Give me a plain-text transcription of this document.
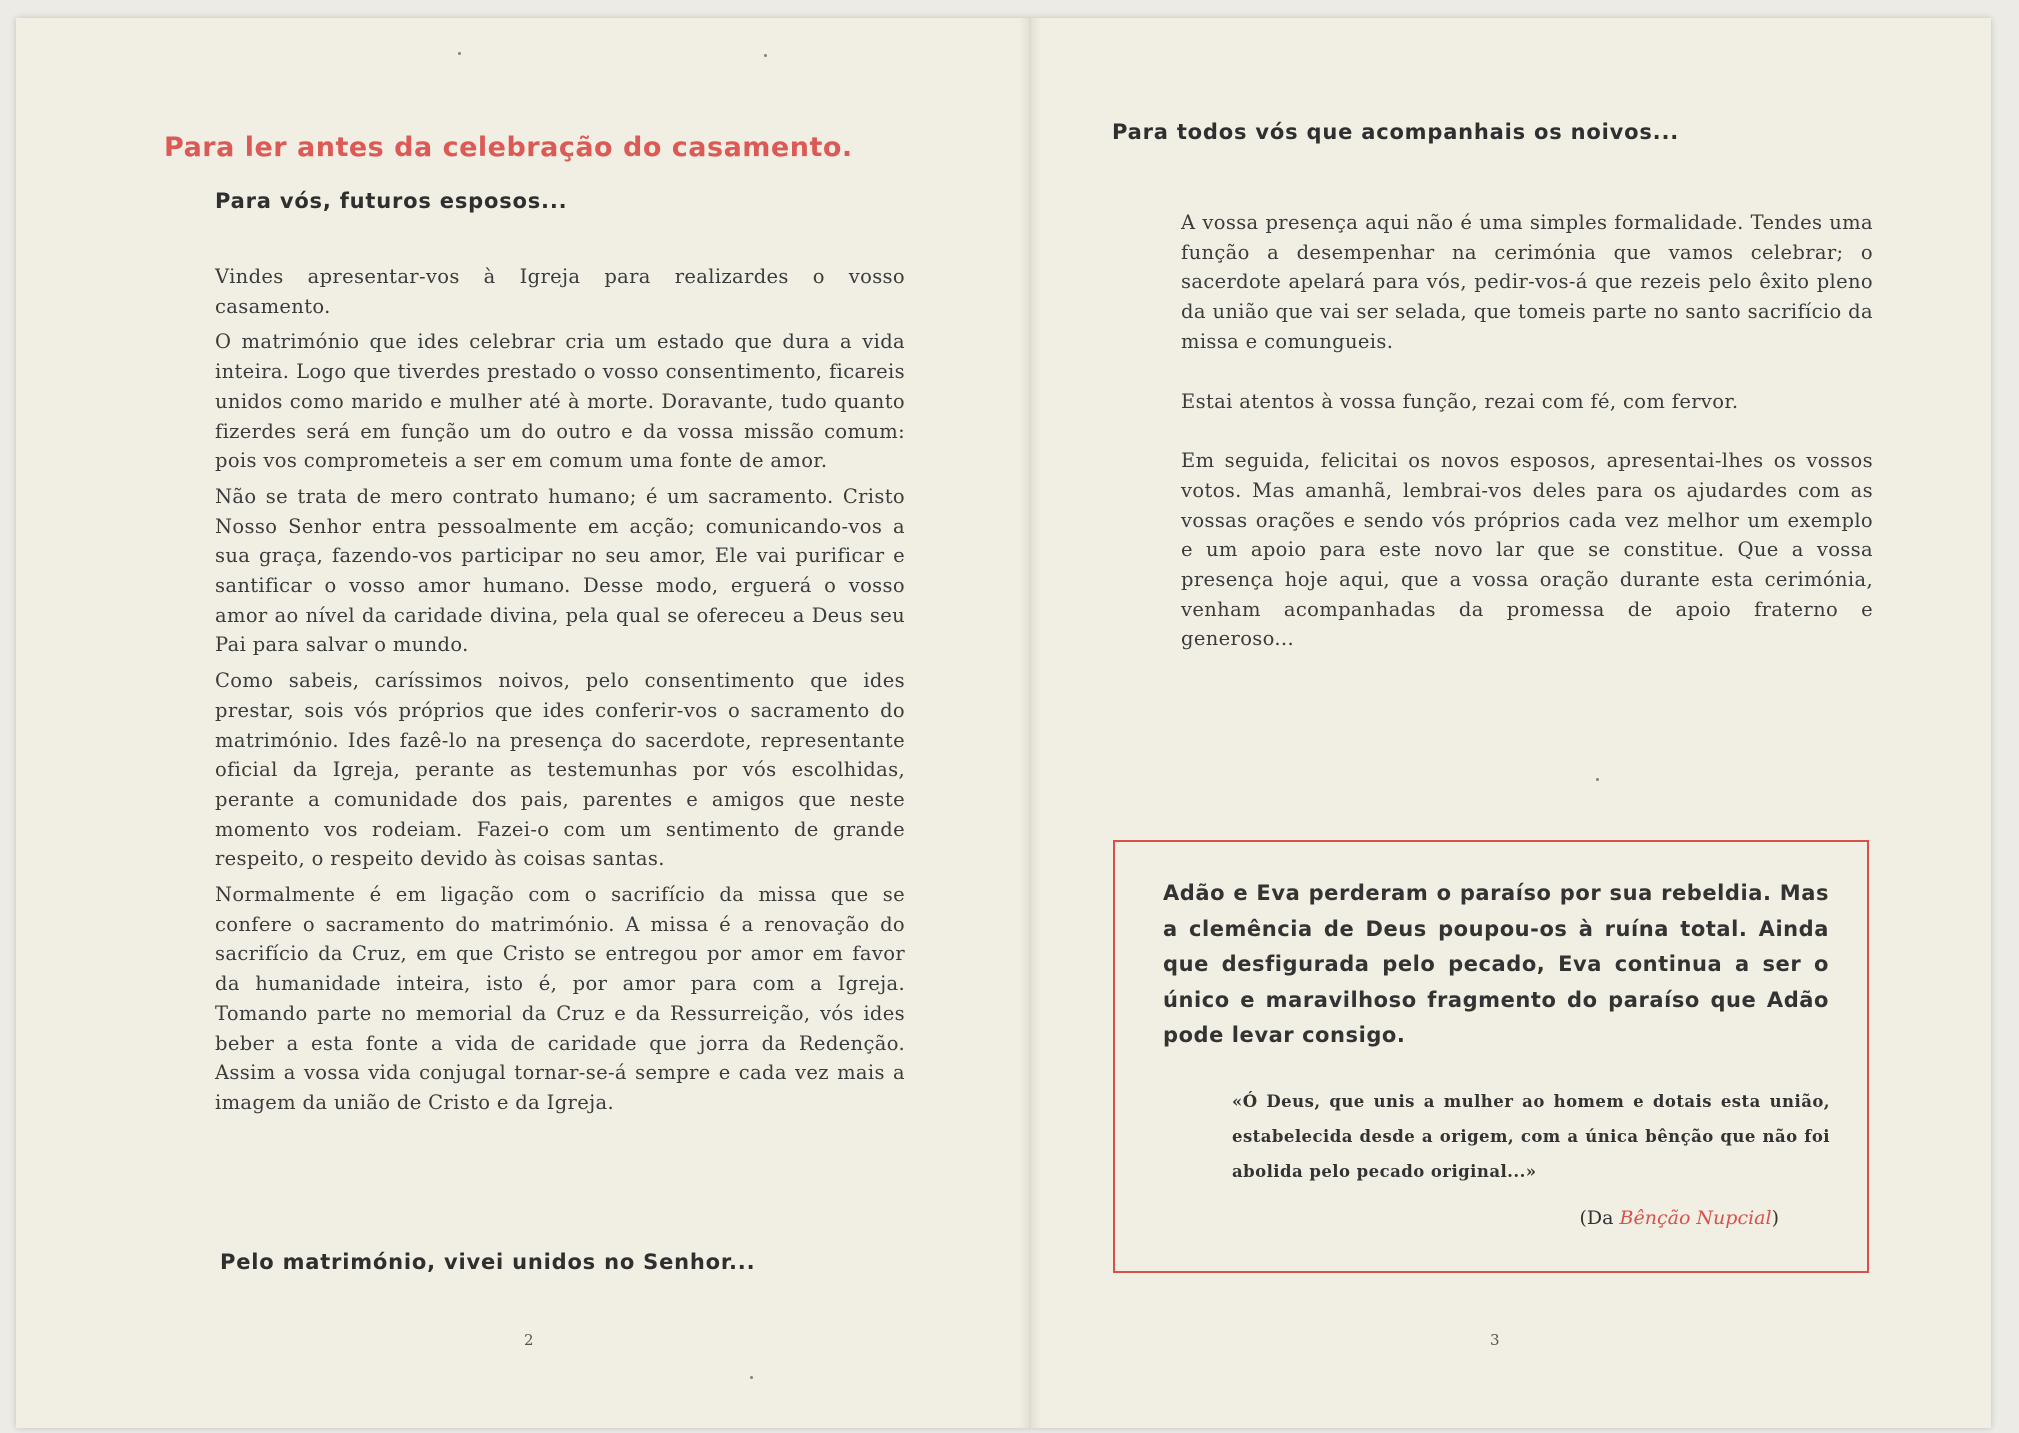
Para ler antes da celebração do casamento.
Para vós, futuros esposos...

Vindes apresentar-vos à Igreja para realizardes o vosso casamento.

O matrimónio que ides celebrar cria um estado que dura a vida inteira. Logo que tiverdes prestado o vosso consentimento, ficareis unidos como marido e mulher até à morte. Doravante, tudo quanto fizerdes será em função um do outro e da vossa missão comum: pois vos comprometeis a ser em comum uma fonte de amor.

Não se trata de mero contrato humano; é um sacramento. Cristo Nosso Senhor entra pessoalmente em acção; comunicando-vos a sua graça, fazendo-vos participar no seu amor, Ele vai purificar e santificar o vosso amor humano. Desse modo, erguerá o vosso amor ao nível da caridade divina, pela qual se ofereceu a Deus seu Pai para salvar o mundo.

Como sabeis, caríssimos noivos, pelo consentimento que ides prestar, sois vós próprios que ides conferir-vos o sacramento do matrimónio. Ides fazê-lo na presença do sacerdote, representante oficial da Igreja, perante as testemunhas por vós escolhidas, perante a comunidade dos pais, parentes e amigos que neste momento vos rodeiam. Fazei-o com um sentimento de grande respeito, o respeito devido às coisas santas.

Normalmente é em ligação com o sacrifício da missa que se confere o sacramento do matrimónio. A missa é a renovação do sacrifício da Cruz, em que Cristo se entregou por amor em favor da humanidade inteira, isto é, por amor para com a Igreja. Tomando parte no memorial da Cruz e da Ressurreição, vós ides beber a esta fonte a vida de caridade que jorra da Redenção. Assim a vossa vida conjugal tornar-se-á sempre e cada vez mais a imagem da união de Cristo e da Igreja.

Pelo matrimónio, vivei unidos no Senhor...
2
Para todos vós que acompanhais os noivos...

A vossa presença aqui não é uma simples formalidade. Tendes uma função a desempenhar na cerimónia que vamos celebrar; o sacerdote apelará para vós, pedir-vos-á que rezeis pelo êxito pleno da união que vai ser selada, que tomeis parte no santo sacrifício da missa e comungueis.

Estai atentos à vossa função, rezai com fé, com fervor.

Em seguida, felicitai os novos esposos, apresentai-lhes os vossos votos. Mas amanhã, lembrai-vos deles para os ajudardes com as vossas orações e sendo vós próprios cada vez melhor um exemplo e um apoio para este novo lar que se constitue. Que a vossa presença hoje aqui, que a vossa oração durante esta cerimónia, venham acompanhadas da promessa de apoio fraterno e generoso...

Adão e Eva perderam o paraíso por sua rebeldia. Mas a clemência de Deus poupou-os à ruína total. Ainda que desfigurada pelo pecado, Eva continua a ser o único e maravilhoso fragmento do paraíso que Adão pode levar consigo.

«Ó Deus, que unis a mulher ao homem e dotais esta união, estabelecida desde a origem, com a única bênção que não foi abolida pelo pecado original...»

(Da Bênção Nupcial)
3
